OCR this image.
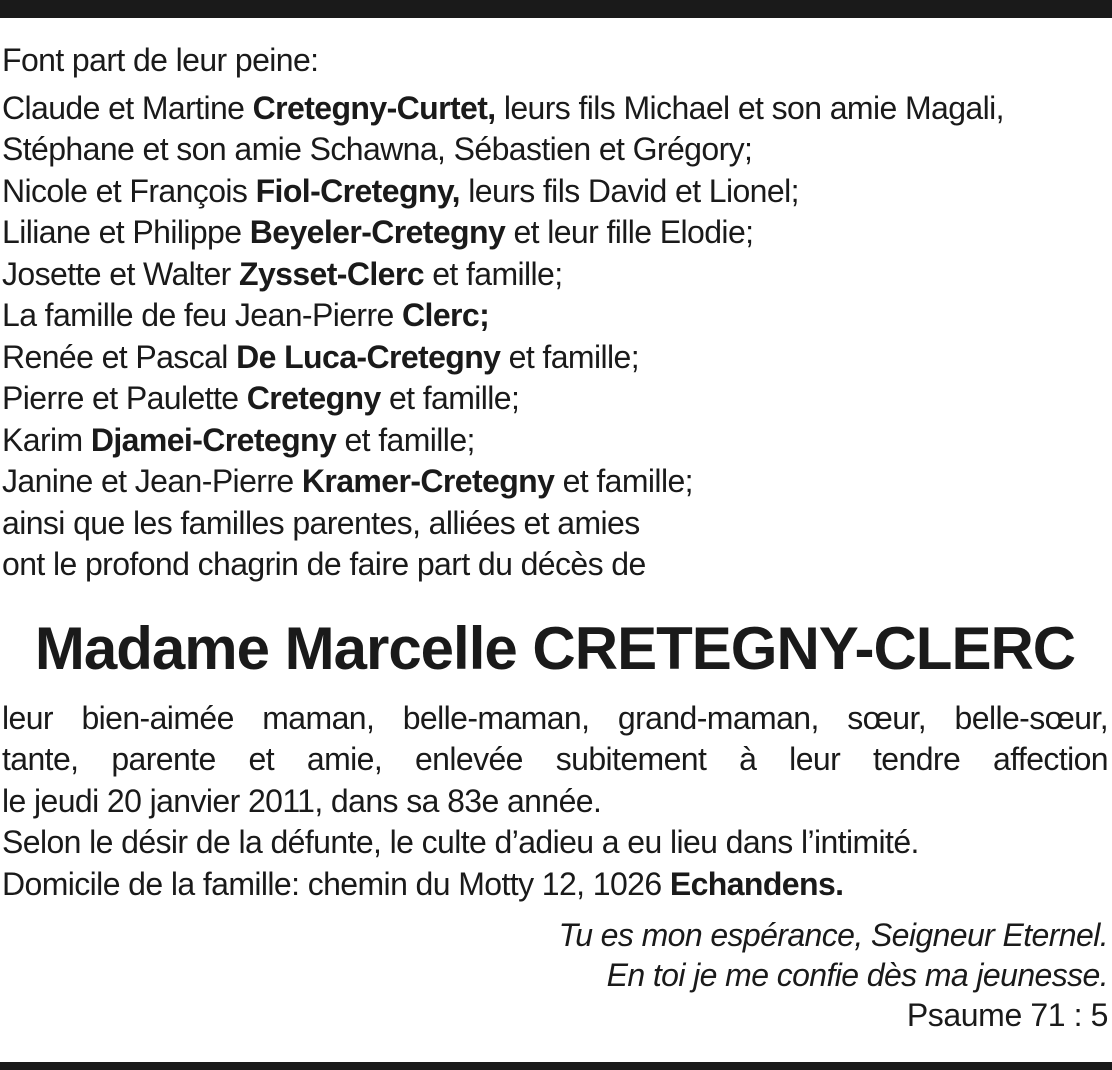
Font part de leur peine:
Claude et Martine Cretegny-Curtet, leurs fils Michael et son amie Magali,
Stéphane et son amie Schawna, Sébastien et Grégory;
Nicole et François Fiol-Cretegny, leurs fils David et Lionel;
Liliane et Philippe Beyeler-Cretegny et leur fille Elodie;
Josette et Walter Zysset-Clerc et famille;
La famille de feu Jean-Pierre Clerc;
Renée et Pascal De Luca-Cretegny et famille;
Pierre et Paulette Cretegny et famille;
Karim Djamei-Cretegny et famille;
Janine et Jean-Pierre Kramer-Cretegny et famille;
ainsi que les familles parentes, alliées et amies
ont le profond chagrin de faire part du décès de
Madame Marcelle CRETEGNY-CLERC
leur bien-aimée maman, belle-maman, grand-maman, sœur, belle-sœur,
tante, parente et amie, enlevée subitement à leur tendre affection
le jeudi 20 janvier 2011, dans sa 83e année.
Selon le désir de la défunte, le culte d’adieu a eu lieu dans l’intimité.
Domicile de la famille: chemin du Motty 12, 1026 Echandens.
Tu es mon espérance, Seigneur Eternel.
En toi je me confie dès ma jeunesse.
Psaume 71 : 5
